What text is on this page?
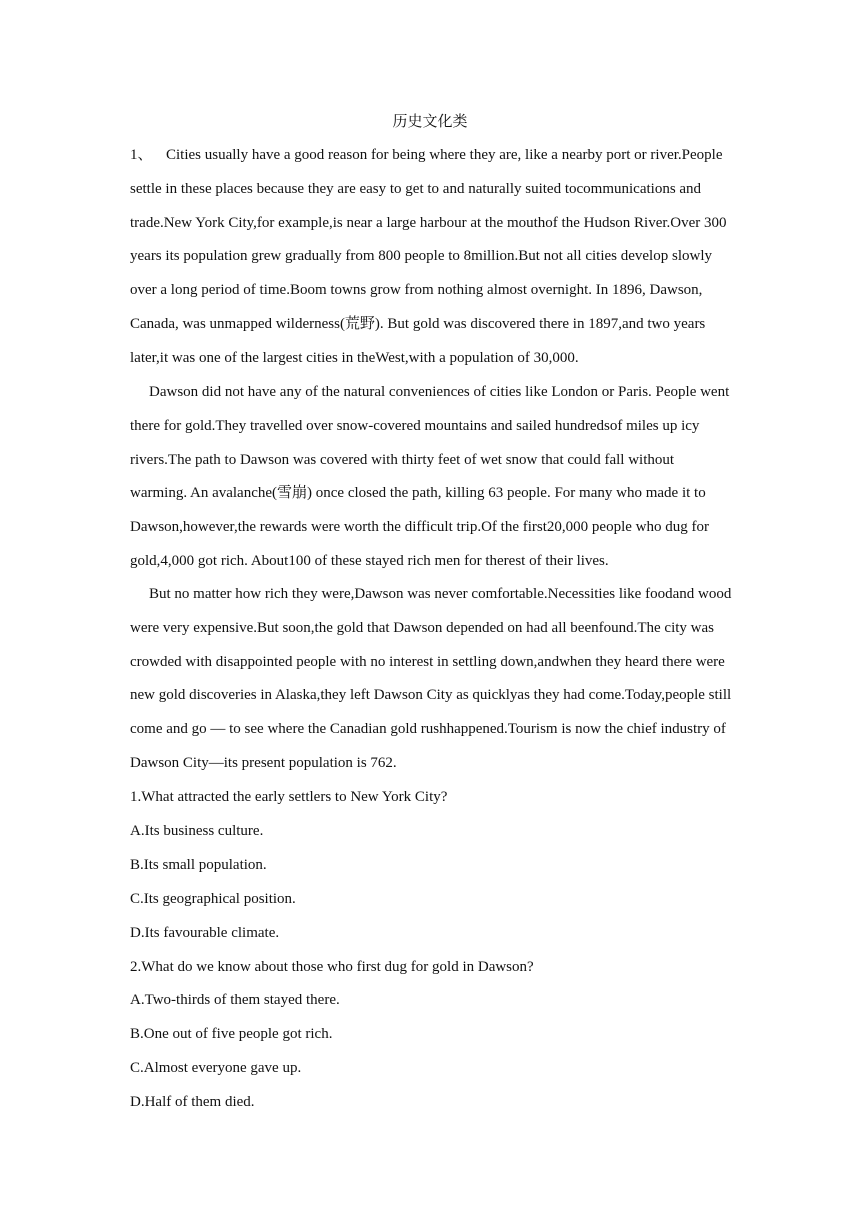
历史文化类

1、 Cities usually have a good reason for being where they are, like a nearby port or river.People settle in these places because they are easy to get to and naturally suited tocommunications and trade.New York City,for example,is near a large harbour at the mouthof the Hudson River.Over 300 years its population grew gradually from 800 people to 8million.But not all cities develop slowly over a long period of time.Boom towns grow from nothing almost overnight. In 1896, Dawson, Canada, was unmapped wilderness(荒野). But gold was discovered there in 1897,and two years later,it was one of the largest cities in theWest,with a population of 30,000.

Dawson did not have any of the natural conveniences of cities like London or Paris. People went there for gold.They travelled over snow-covered mountains and sailed hundredsof miles up icy rivers.The path to Dawson was covered with thirty feet of wet snow that could fall without warming. An avalanche(雪崩) once closed the path, killing 63 people. For many who made it to Dawson,however,the rewards were worth the difficult trip.Of the first20,000 people who dug for gold,4,000 got rich. About100 of these stayed rich men for therest of their lives.

But no matter how rich they were,Dawson was never comfortable.Necessities like foodand wood were very expensive.But soon,the gold that Dawson depended on had all beenfound.The city was crowded with disappointed people with no interest in settling down,andwhen they heard there were new gold discoveries in Alaska,they left Dawson City as quicklyas they had come.Today,people still come and go — to see where the Canadian gold rushhappened.Tourism is now the chief industry of Dawson City—its present population is 762.

1.What attracted the early settlers to New York City?
A.Its business culture.
B.Its small population.
C.Its geographical position.
D.Its favourable climate.
2.What do we know about those who first dug for gold in Dawson?
A.Two-thirds of them stayed there.
B.One out of five people got rich.
C.Almost everyone gave up.
D.Half of them died.
